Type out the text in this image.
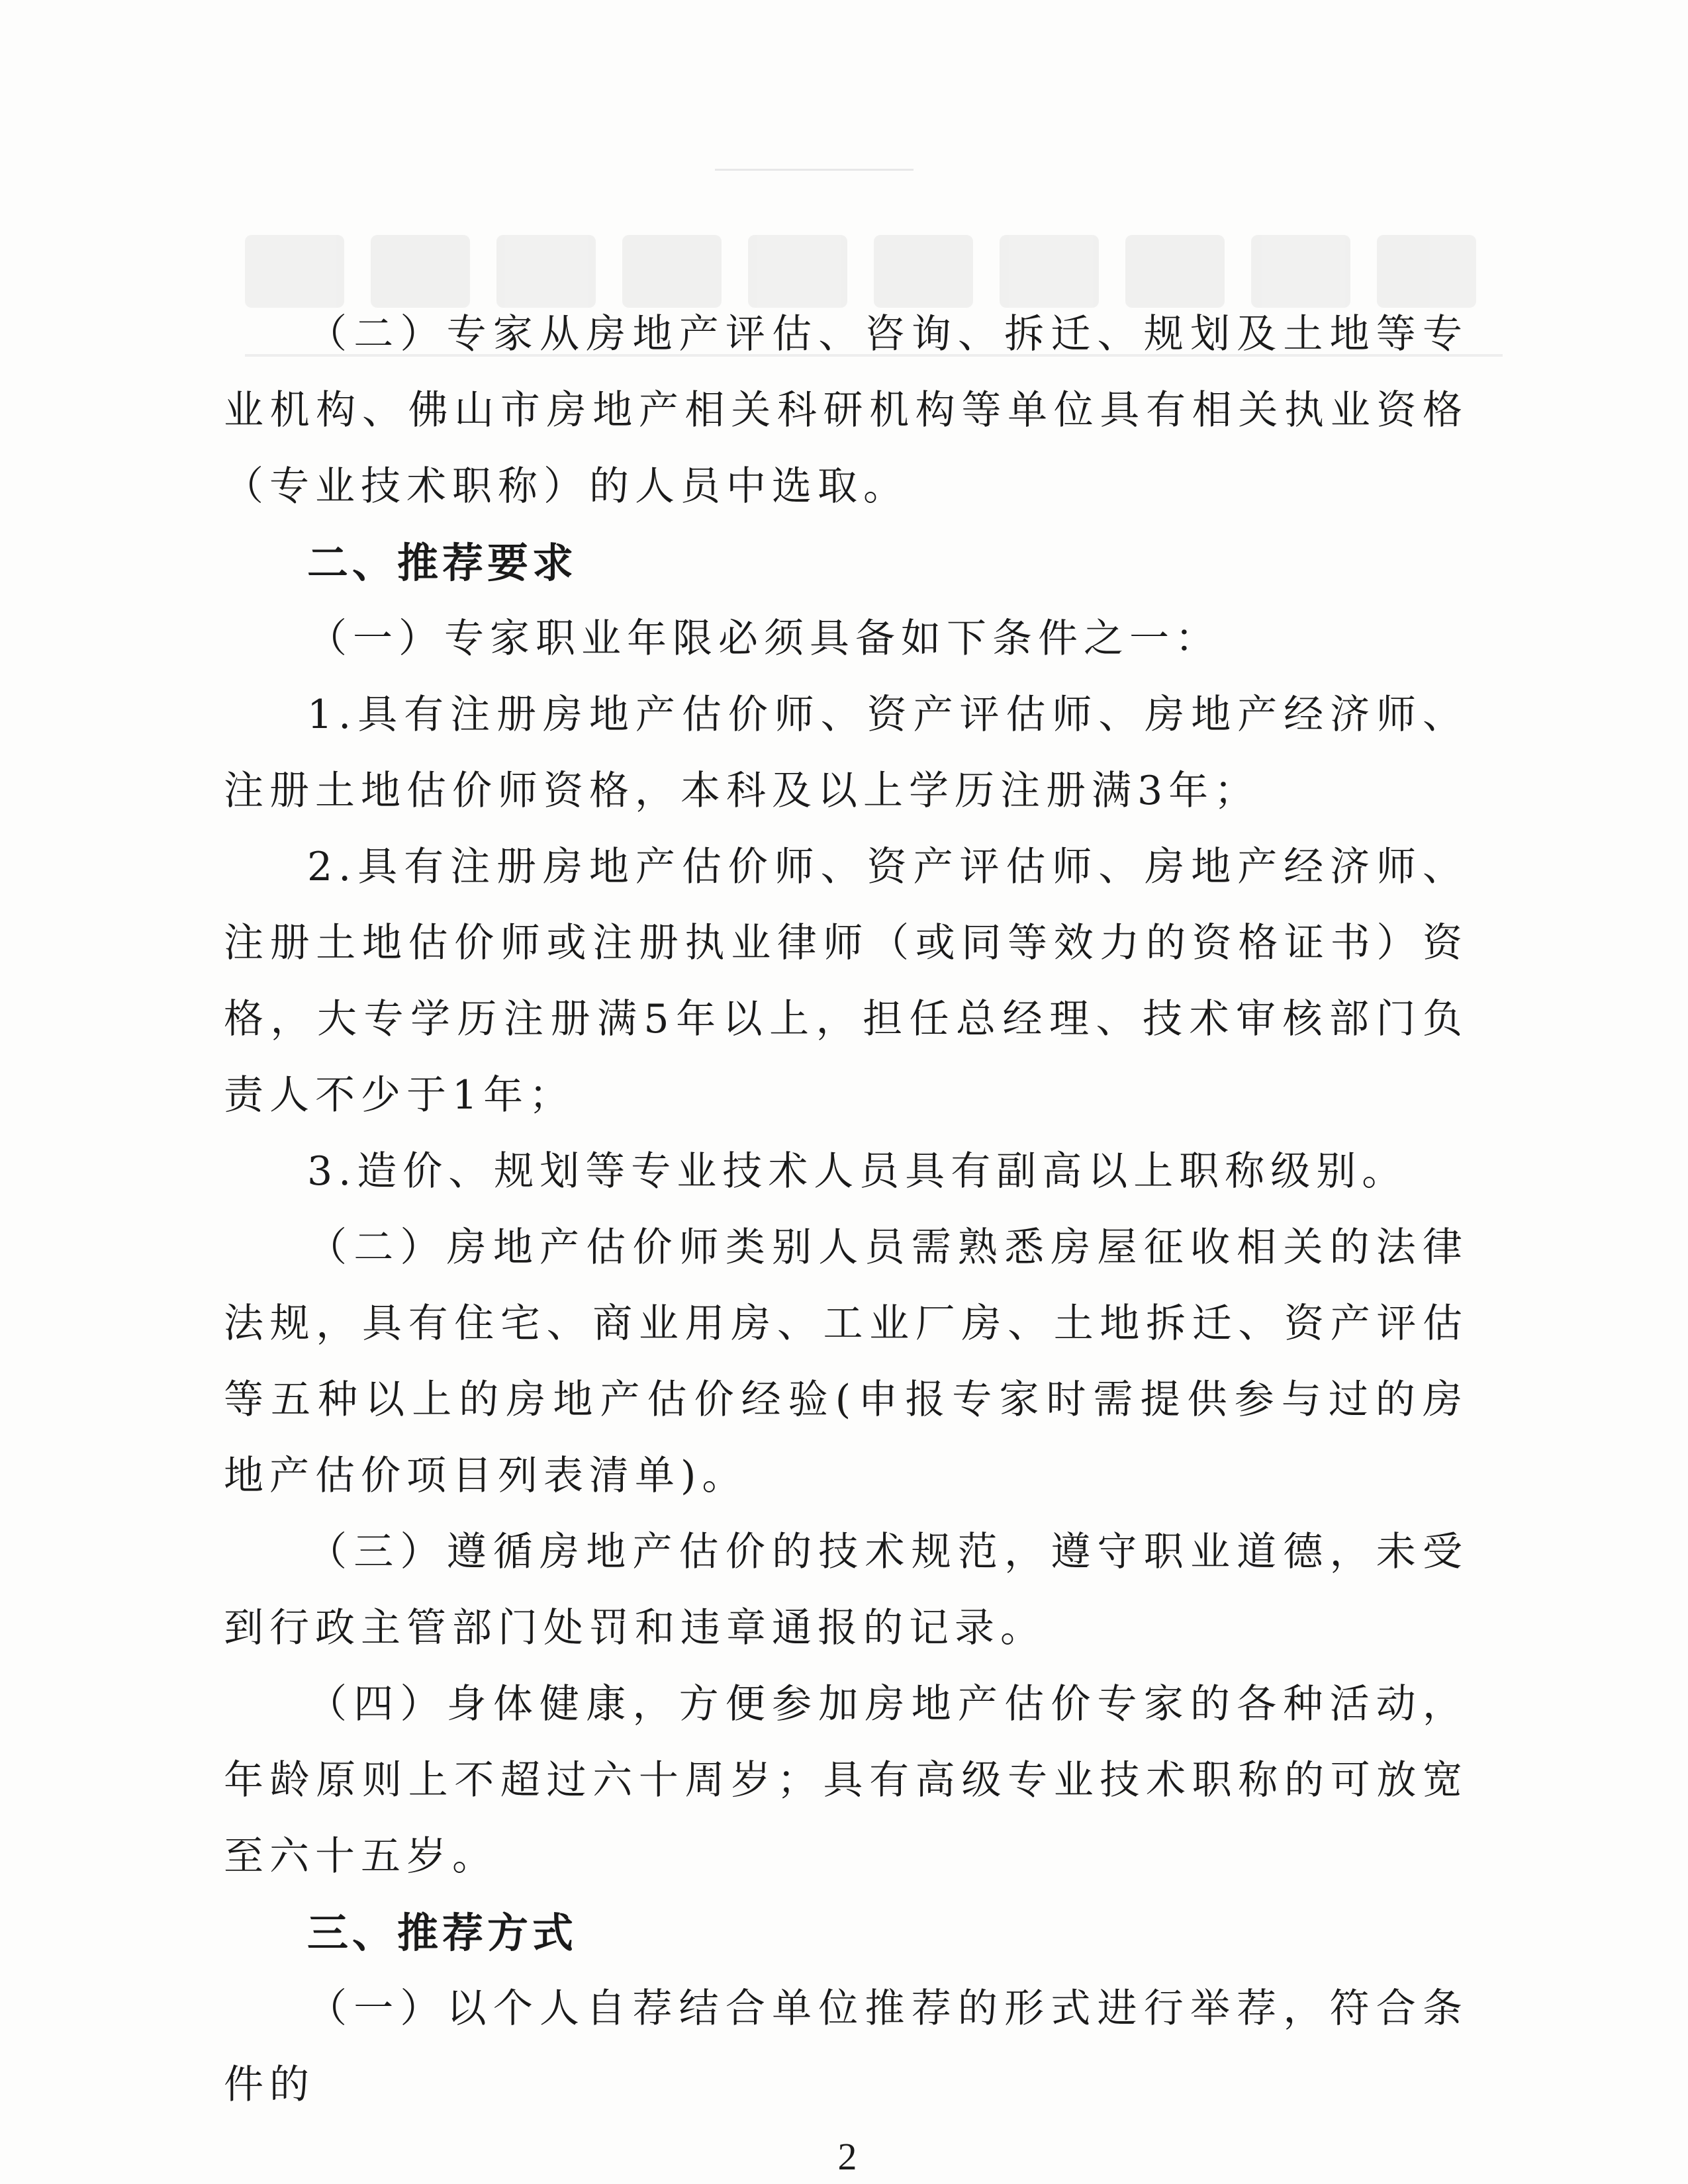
（二）专家从房地产评估、咨询、拆迁、规划及土地等专业机构、佛山市房地产相关科研机构等单位具有相关执业资格（专业技术职称）的人员中选取。

二、推荐要求

（一）专家职业年限必须具备如下条件之一：

1.具有注册房地产估价师、资产评估师、房地产经济师、注册土地估价师资格，本科及以上学历注册满3年；

2.具有注册房地产估价师、资产评估师、房地产经济师、注册土地估价师或注册执业律师（或同等效力的资格证书）资格，大专学历注册满5年以上，担任总经理、技术审核部门负责人不少于1年；

3.造价、规划等专业技术人员具有副高以上职称级别。

（二）房地产估价师类别人员需熟悉房屋征收相关的法律法规，具有住宅、商业用房、工业厂房、土地拆迁、资产评估等五种以上的房地产估价经验(申报专家时需提供参与过的房地产估价项目列表清单)。

（三）遵循房地产估价的技术规范，遵守职业道德，未受到行政主管部门处罚和违章通报的记录。

（四）身体健康，方便参加房地产估价专家的各种活动，年龄原则上不超过六十周岁；具有高级专业技术职称的可放宽至六十五岁。

三、推荐方式

（一）以个人自荐结合单位推荐的形式进行举荐，符合条件的

2
